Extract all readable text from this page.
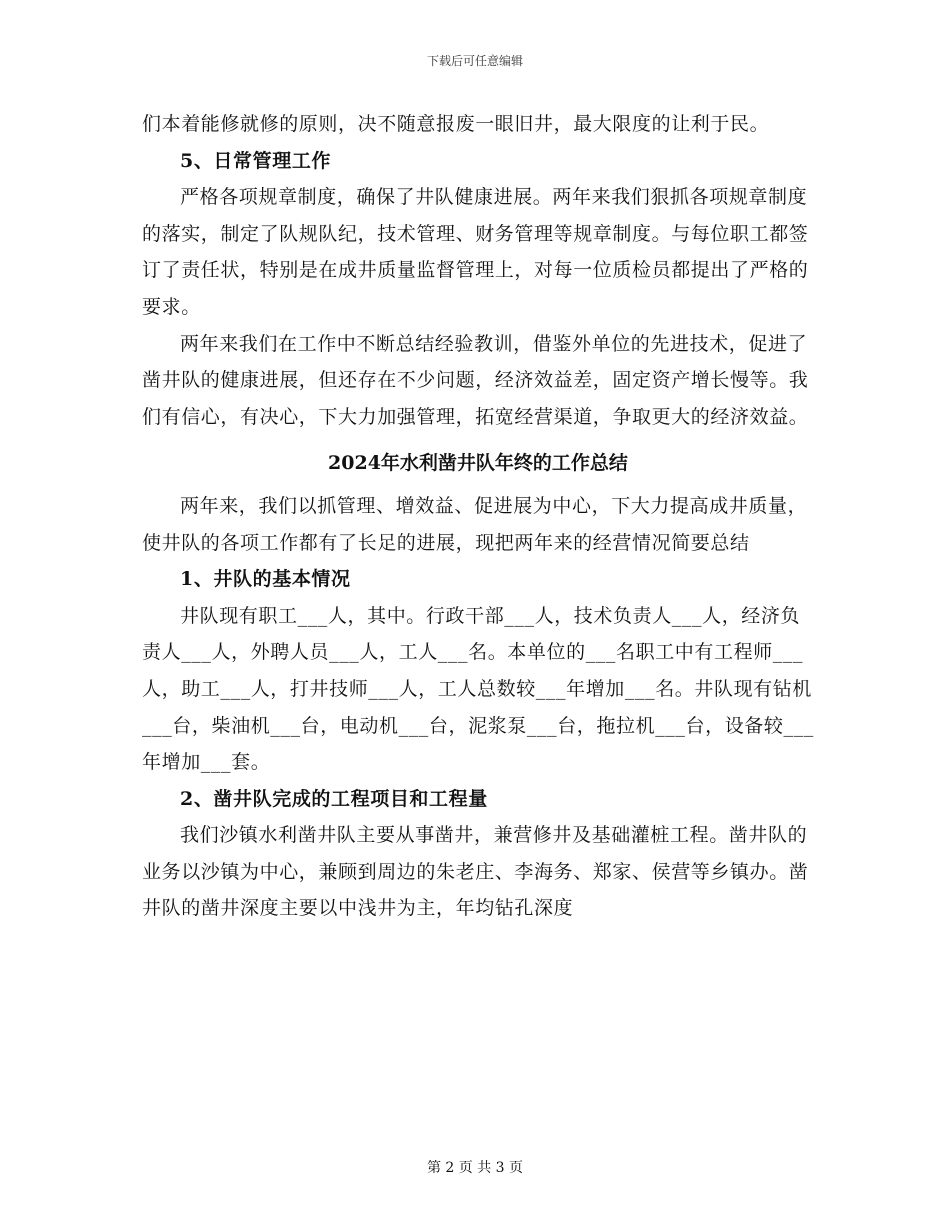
下载后可任意编辑

们本着能修就修的原则，决不随意报废一眼旧井，最大限度的让利于民。

5、日常管理工作

严格各项规章制度，确保了井队健康进展。两年来我们狠抓各项规章制度的落实，制定了队规队纪，技术管理、财务管理等规章制度。与每位职工都签订了责任状，特别是在成井质量监督管理上，对每一位质检员都提出了严格的要求。

两年来我们在工作中不断总结经验教训，借鉴外单位的先进技术，促进了凿井队的健康进展，但还存在不少问题，经济效益差，固定资产增长慢等。我们有信心，有决心，下大力加强管理，拓宽经营渠道，争取更大的经济效益。

2024年水利凿井队年终的工作总结

两年来，我们以抓管理、增效益、促进展为中心，下大力提高成井质量，使井队的各项工作都有了长足的进展，现把两年来的经营情况简要总结

1、井队的基本情况

井队现有职工___人，其中。行政干部___人，技术负责人___人，经济负责人___人，外聘人员___人，工人___名。本单位的___名职工中有工程师___人，助工___人，打井技师___人，工人总数较___年增加___名。井队现有钻机___台，柴油机___台，电动机___台，泥浆泵___台，拖拉机___台，设备较___年增加___套。

2、凿井队完成的工程项目和工程量

我们沙镇水利凿井队主要从事凿井，兼营修井及基础灌桩工程。凿井队的业务以沙镇为中心，兼顾到周边的朱老庄、李海务、郑家、侯营等乡镇办。凿井队的凿井深度主要以中浅井为主，年均钻孔深度

第 2 页 共 3 页
